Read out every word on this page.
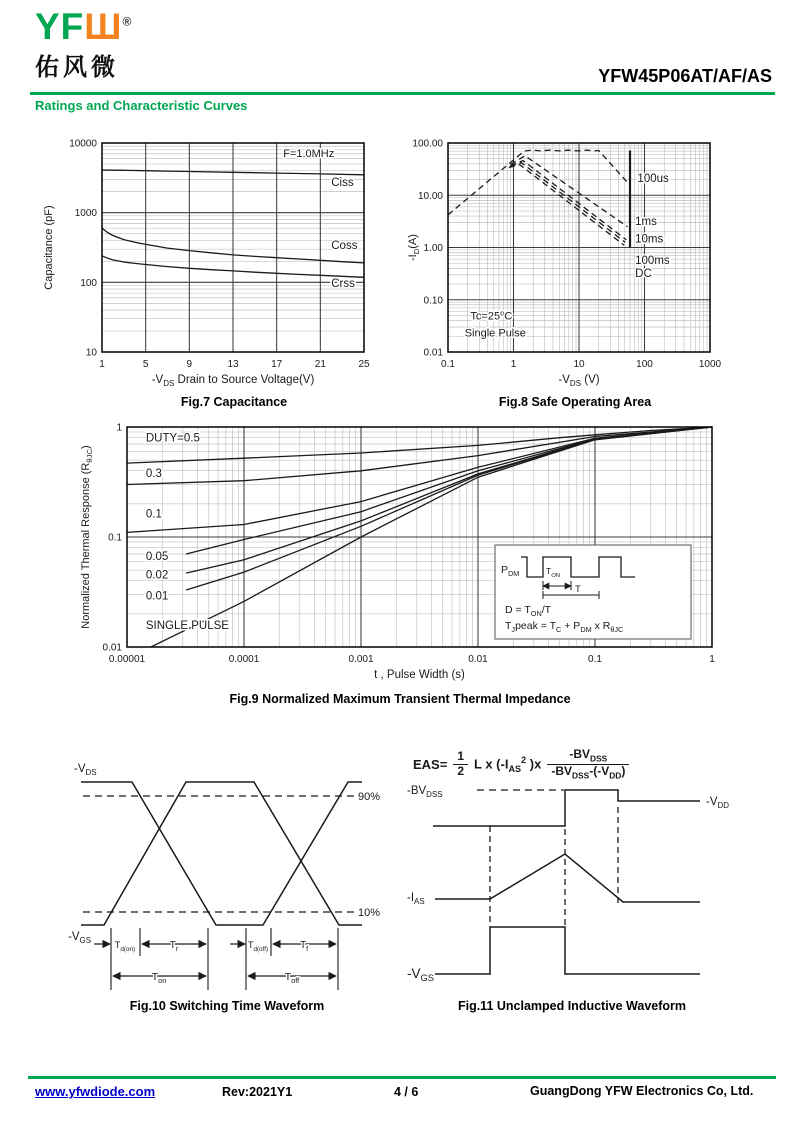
YFШ®
佑风微	YFW45P06AT/AF/AS
Ratings and Characteristic Curves
F=1.0MHz
Ciss
Coss
Crss
1	5	9	13	17	21	25
10
100
1000
10000
$-V_{DS}$ Drain to Source Voltage(V)
Capacitance (pF)
Fig.7 Capacitance
100us
1ms
10ms
100ms
DC
$Tc=25^oC$
Single Pulse
0.1	1	10	100	1000
0.01
0.10
1.00
10.00
100.00
$-V_{DS}$ (V)
$-I_D(A)$
Fig.8 Safe Operating Area
$P_{DM}$	$T_{ON}$
T
$D = T_{ON}/T$
$T_Jpeak = T_C + P_{DM}$ x $R_{\theta JC}$
DUTY=0.5
0.3
0.1
0.05
0.02
0.01
SINGLE PULSE
0.00001	0.0001	0.001	0.01	0.1	1
0.01
0.1
1
t , Pulse Width (s)
Normalized Thermal Response $(R_{\theta JC})$
Fig.9 Normalized Maximum Transient Thermal Impedance
90%
10%
$-V_{DS}$
$-V_{GS}$	$T_{d(on)}$	$T_r$	$T_{d(off)}$	$T_f$
$T_{on}$	$T_{off}$
Fig.10 Switching Time Waveform
$EAS= \frac{1}{2}$ L x ($-I_{AS}^2$ )$x \frac{-BV_{DSS}}{-BV_{DSS}-(-V_{DD})}$
$-BV_{DSS}$
$-V_{DD}$
$-I_{AS}$
$-V_{GS}$
Fig.11 Unclamped Inductive Waveform
www.yfwdiode.com	Rev:2021Y1	4 / 6	GuangDong YFW Electronics Co, Ltd.
